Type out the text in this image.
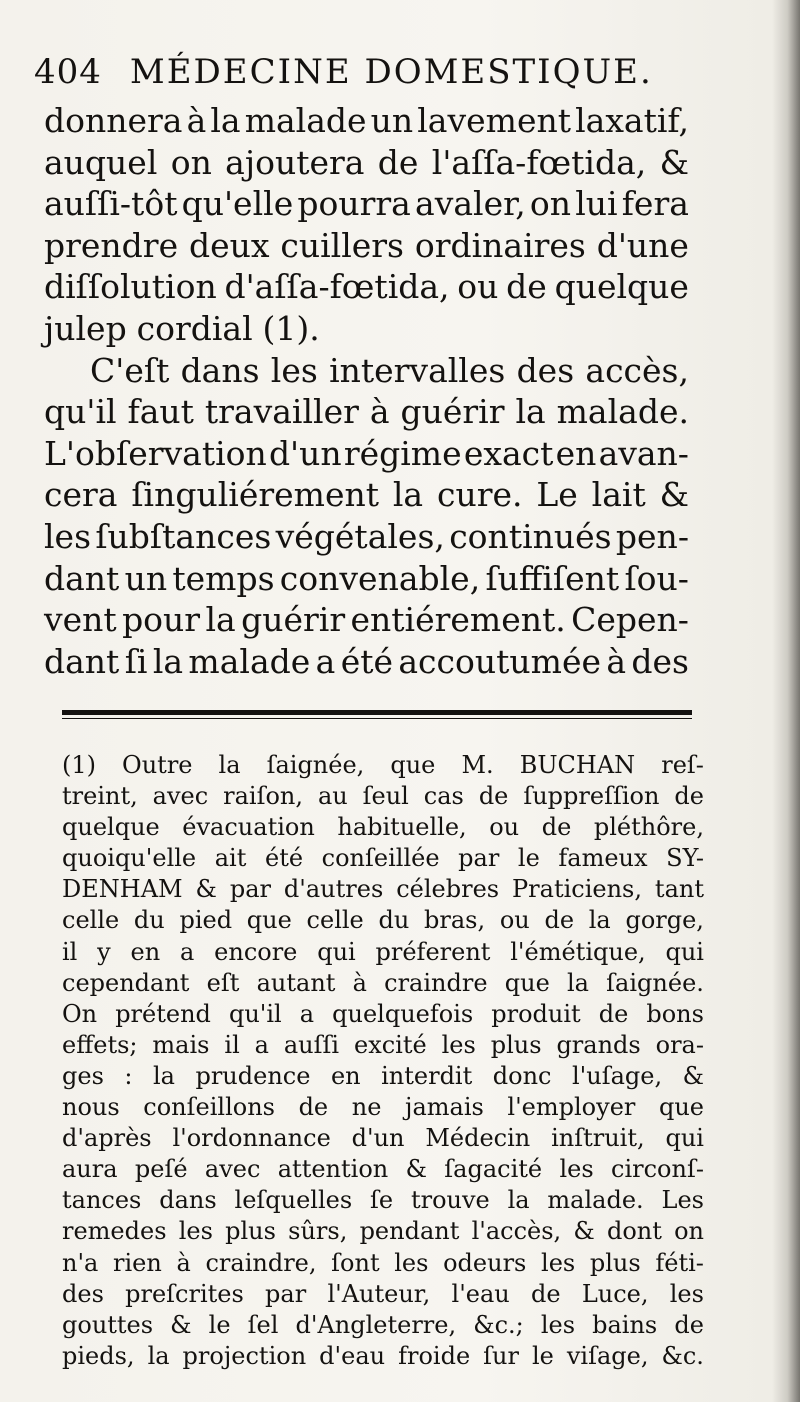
404 MÉDECINE DOMESTIQUE.
donnera à la malade un lavement laxatif,
auquel on ajoutera de l'aſſa-fœtida, &
auſſi-tôt qu'elle pourra avaler, on lui fera
prendre deux cuillers ordinaires d'une
diſſolution d'aſſa-fœtida, ou de quelque
julep cordial (1).
C'eſt dans les intervalles des accès,
qu'il faut travailler à guérir la malade.
L'obſervation d'un régime exact en avan-
cera ſinguliérement la cure. Le lait &
les ſubſtances végétales, continués pen-
dant un temps convenable, ſuffiſent ſou-
vent pour la guérir entiérement. Cepen-
dant ſi la malade a été accoutumée à des
(1) Outre la ſaignée, que M. BUCHAN reſ-
treint, avec raiſon, au ſeul cas de ſuppreſſion de
quelque évacuation habituelle, ou de pléthôre,
quoiqu'elle ait été conſeillée par le fameux SY-
DENHAM & par d'autres célebres Praticiens, tant
celle du pied que celle du bras, ou de la gorge,
il y en a encore qui préferent l'émétique, qui
cependant eſt autant à craindre que la ſaignée.
On prétend qu'il a quelquefois produit de bons
effets; mais il a auſſi excité les plus grands ora-
ges : la prudence en interdit donc l'uſage, &
nous conſeillons de ne jamais l'employer que
d'après l'ordonnance d'un Médecin inſtruit, qui
aura peſé avec attention & ſagacité les circonſ-
tances dans leſquelles ſe trouve la malade. Les
remedes les plus sûrs, pendant l'accès, & dont on
n'a rien à craindre, ſont les odeurs les plus féti-
des preſcrites par l'Auteur, l'eau de Luce, les
gouttes & le ſel d'Angleterre, &c.; les bains de
pieds, la projection d'eau froide ſur le viſage, &c.
